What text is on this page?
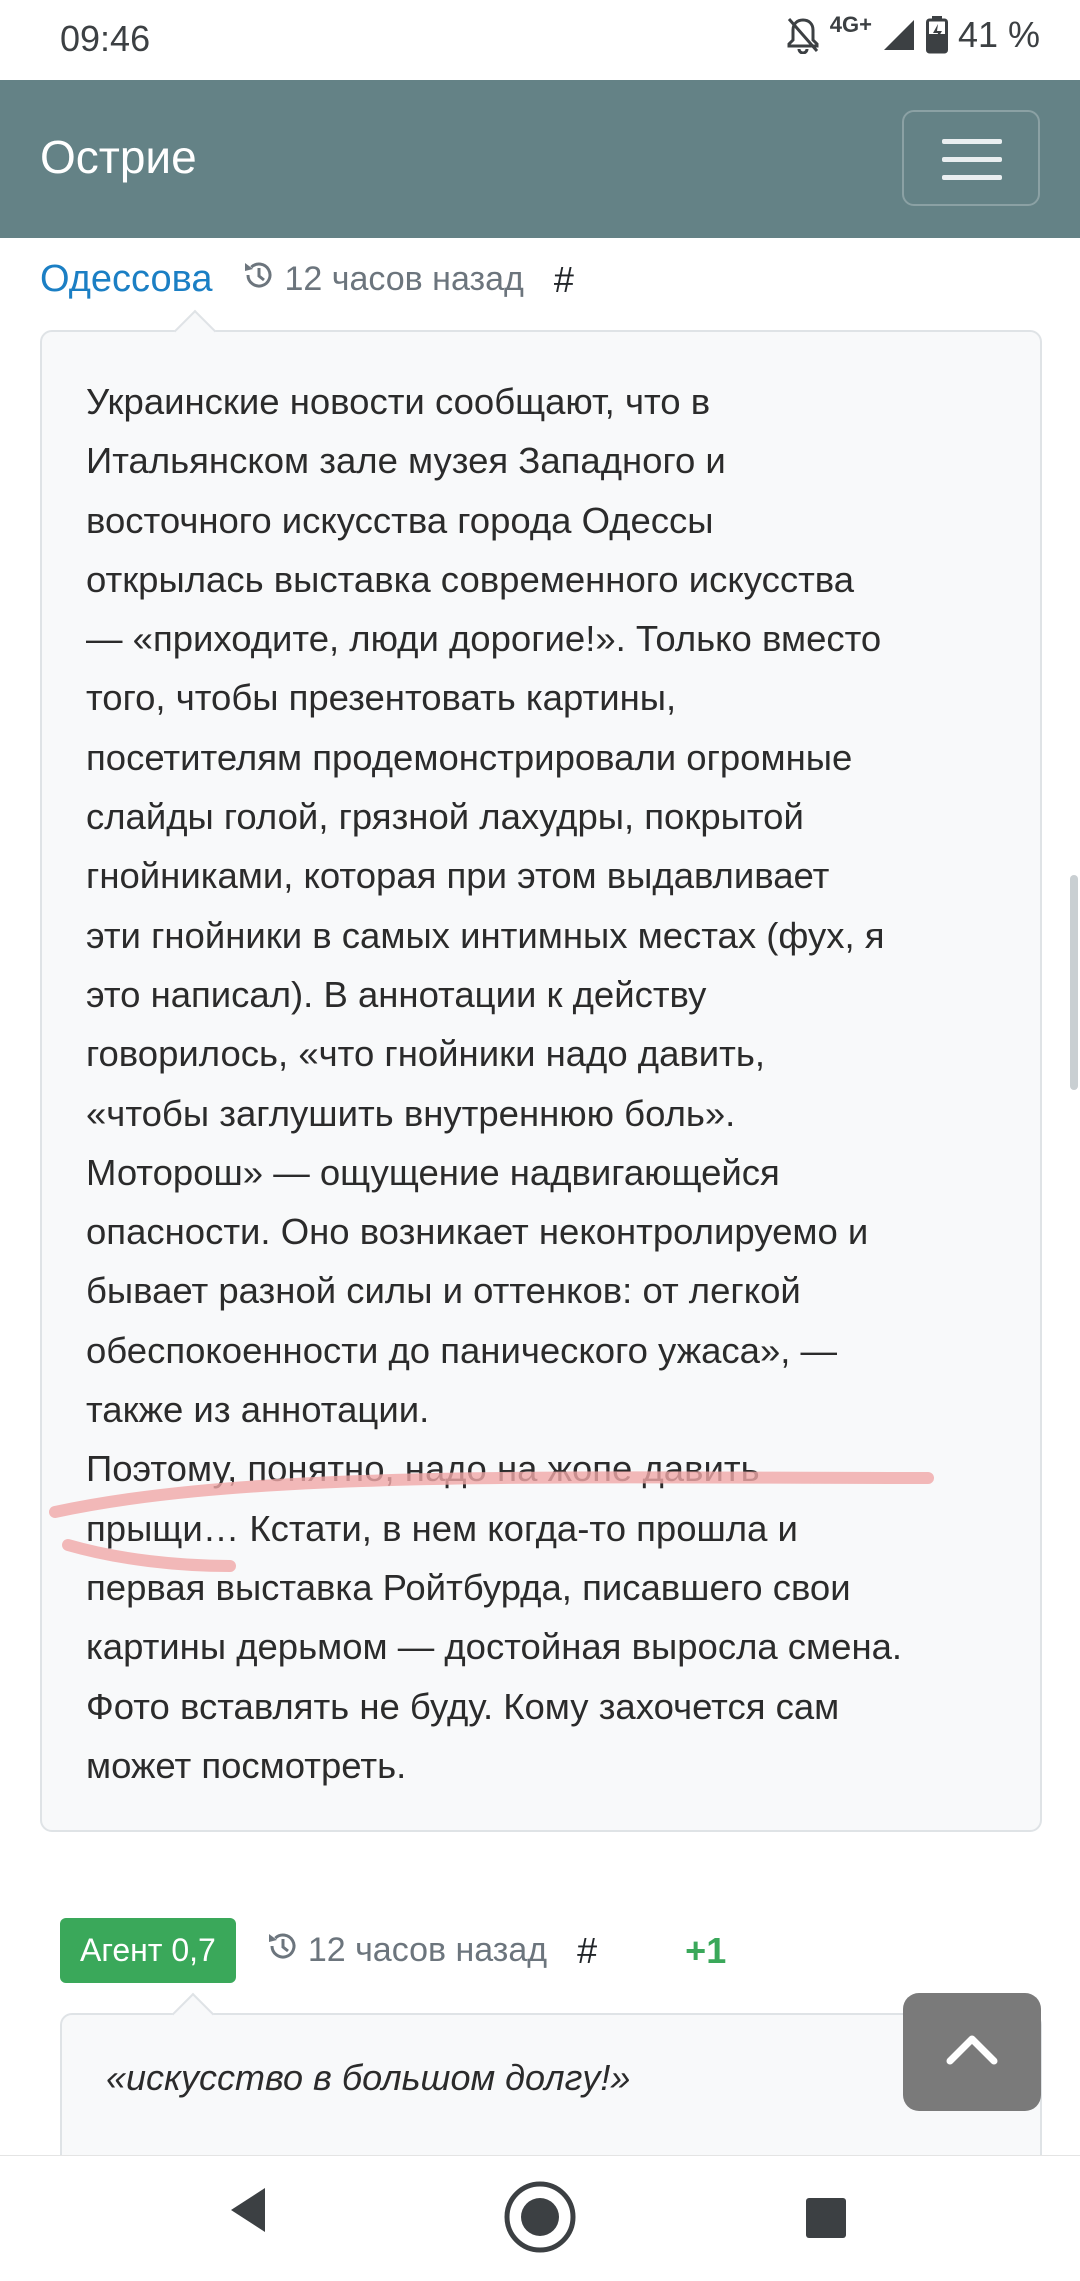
09:46	4G+ 41 %
Острие
Одессова 12 часов назад #
Украинские новости сообщают, что в
Итальянском зале музея Западного и
восточного искусства города Одессы
открылась выставка современного искусства
— «приходите, люди дорогие!». Только вместо
того, чтобы презентовать картины,
посетителям продемонстрировали огромные
слайды голой, грязной лахудры, покрытой
гнойниками, которая при этом выдавливает
эти гнойники в самых интимных местах (фух, я
это написал). В аннотации к действу
говорилось, «что гнойники надо давить,
«чтобы заглушить внутреннюю боль».
Моторош» — ощущение надвигающейся
опасности. Оно возникает неконтролируемо и
бывает разной силы и оттенков: от легкой
обеспокоенности до панического ужаса», —
также из аннотации.
Поэтому, понятно, надо на жопе давить
прыщи… Кстати, в нем когда-то прошла и
первая выставка Ройтбурда, писавшего свои
картины дерьмом — достойная выросла смена.
Фото вставлять не буду. Кому захочется сам
может посмотреть.
Агент 0,7	12 часов назад # +1
«искусство в большом долгу!»
